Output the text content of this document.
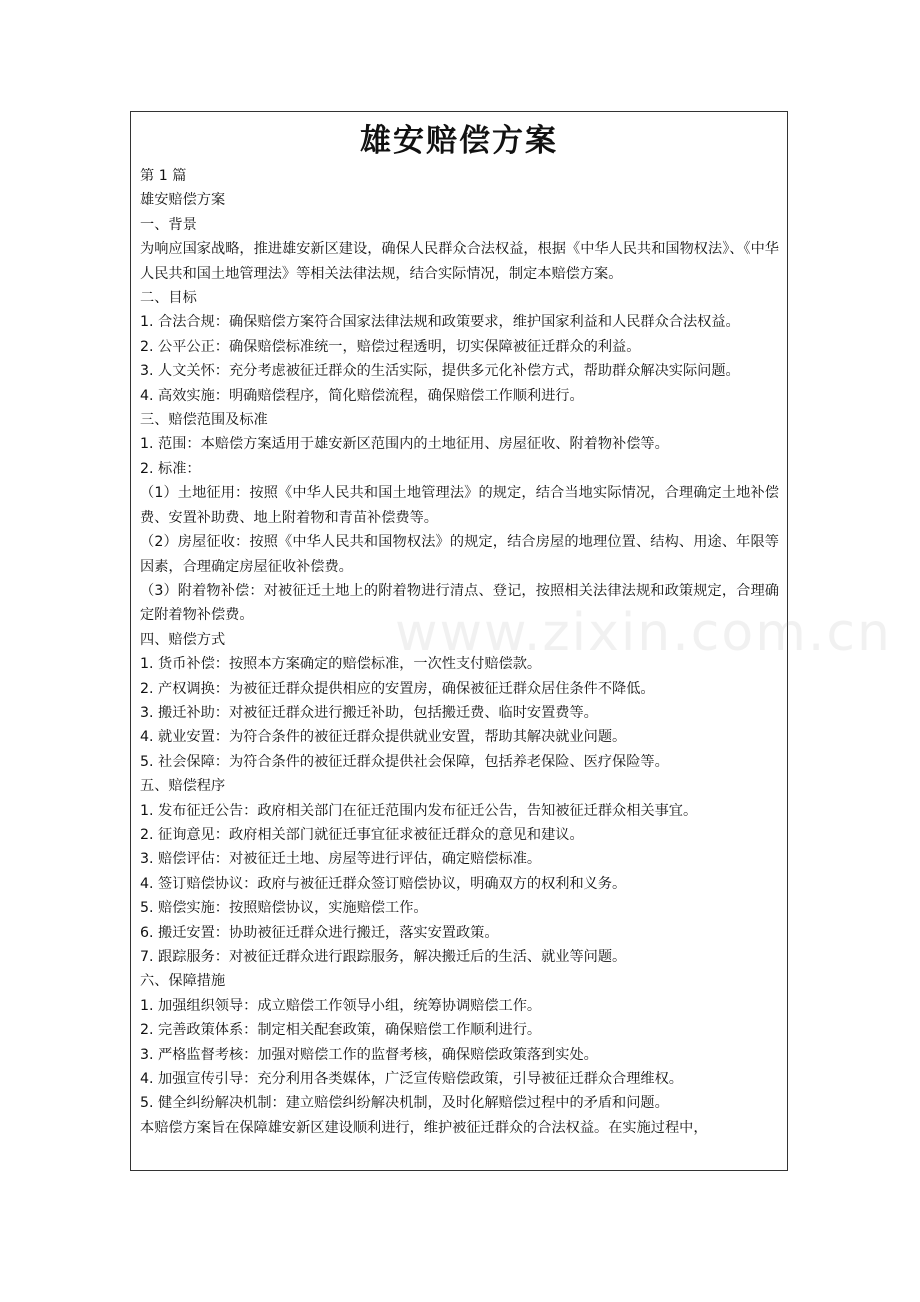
雄安赔偿方案
第 1 篇
雄安赔偿方案
一、背景
为响应国家战略，推进雄安新区建设，确保人民群众合法权益，根据《中华人民共和国物权法》、《中华人民共和国土地管理法》等相关法律法规，结合实际情况，制定本赔偿方案。
二、目标
1. 合法合规：确保赔偿方案符合国家法律法规和政策要求，维护国家利益和人民群众合法权益。
2. 公平公正：确保赔偿标准统一，赔偿过程透明，切实保障被征迁群众的利益。
3. 人文关怀：充分考虑被征迁群众的生活实际，提供多元化补偿方式，帮助群众解决实际问题。
4. 高效实施：明确赔偿程序，简化赔偿流程，确保赔偿工作顺利进行。
三、赔偿范围及标准
1. 范围：本赔偿方案适用于雄安新区范围内的土地征用、房屋征收、附着物补偿等。
2. 标准：
（1）土地征用：按照《中华人民共和国土地管理法》的规定，结合当地实际情况，合理确定土地补偿费、安置补助费、地上附着物和青苗补偿费等。
（2）房屋征收：按照《中华人民共和国物权法》的规定，结合房屋的地理位置、结构、用途、年限等因素，合理确定房屋征收补偿费。
（3）附着物补偿：对被征迁土地上的附着物进行清点、登记，按照相关法律法规和政策规定，合理确定附着物补偿费。
四、赔偿方式
1. 货币补偿：按照本方案确定的赔偿标准，一次性支付赔偿款。
2. 产权调换：为被征迁群众提供相应的安置房，确保被征迁群众居住条件不降低。
3. 搬迁补助：对被征迁群众进行搬迁补助，包括搬迁费、临时安置费等。
4. 就业安置：为符合条件的被征迁群众提供就业安置，帮助其解决就业问题。
5. 社会保障：为符合条件的被征迁群众提供社会保障，包括养老保险、医疗保险等。
五、赔偿程序
1. 发布征迁公告：政府相关部门在征迁范围内发布征迁公告，告知被征迁群众相关事宜。
2. 征询意见：政府相关部门就征迁事宜征求被征迁群众的意见和建议。
3. 赔偿评估：对被征迁土地、房屋等进行评估，确定赔偿标准。
4. 签订赔偿协议：政府与被征迁群众签订赔偿协议，明确双方的权利和义务。
5. 赔偿实施：按照赔偿协议，实施赔偿工作。
6. 搬迁安置：协助被征迁群众进行搬迁，落实安置政策。
7. 跟踪服务：对被征迁群众进行跟踪服务，解决搬迁后的生活、就业等问题。
六、保障措施
1. 加强组织领导：成立赔偿工作领导小组，统筹协调赔偿工作。
2. 完善政策体系：制定相关配套政策，确保赔偿工作顺利进行。
3. 严格监督考核：加强对赔偿工作的监督考核，确保赔偿政策落到实处。
4. 加强宣传引导：充分利用各类媒体，广泛宣传赔偿政策，引导被征迁群众合理维权。
5. 健全纠纷解决机制：建立赔偿纠纷解决机制，及时化解赔偿过程中的矛盾和问题。
本赔偿方案旨在保障雄安新区建设顺利进行，维护被征迁群众的合法权益。在实施过程中，
www.zixin.com.cn
